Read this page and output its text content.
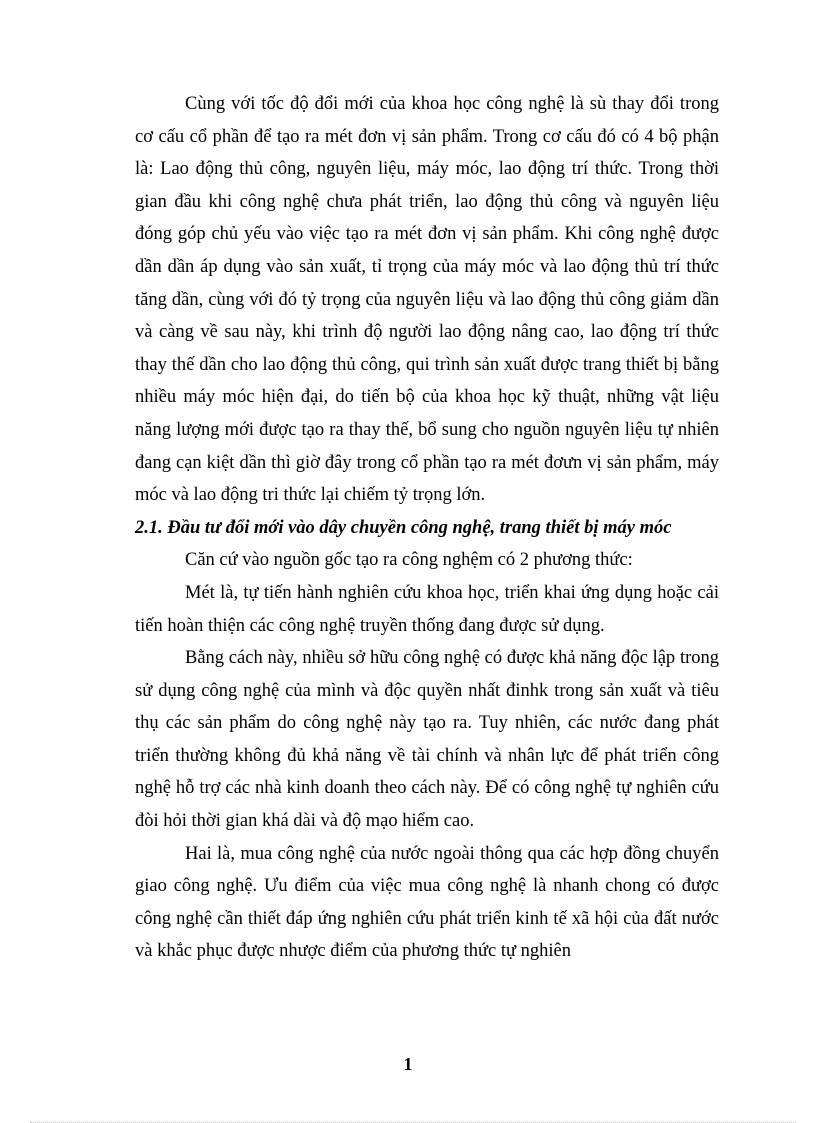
Cùng với tốc độ đổi mới của khoa học công nghệ là sù thay đổi trong cơ cấu cổ phần để tạo ra mét đơn vị sản phẩm. Trong cơ cấu đó có 4 bộ phận là: Lao động thủ công, nguyên liệu, máy móc, lao động trí thức. Trong thời gian đầu khi công nghệ chưa phát triển, lao động thủ công và nguyên liệu đóng góp chủ yếu vào việc tạo ra mét đơn vị sản phẩm. Khi công nghệ được dần dần áp dụng vào sản xuất, tỉ trọng của máy móc và lao động thủ trí thức tăng dần, cùng với đó tỷ trọng của nguyên liệu và lao động thủ công giảm dần và càng về sau này, khi trình độ người lao động nâng cao, lao động trí thức thay thế dần cho lao động thủ công, qui trình sản xuất được trang thiết bị bằng nhiều máy móc hiện đại, do tiến bộ của khoa học kỹ thuật, những vật liệu năng lượng mới được tạo ra thay thế, bổ sung cho nguồn nguyên liệu tự nhiên đang cạn kiệt dần thì giờ đây trong cổ phần tạo ra mét đơưn vị sản phẩm, máy móc và lao động tri thức lại chiếm tỷ trọng lớn.

2.1. Đầu tư đổi mới vào dây chuyền công nghệ, trang thiết bị máy móc

Căn cứ vào nguồn gốc tạo ra công nghệm có 2 phương thức:

Mét là, tự tiến hành nghiên cứu khoa học, triển khai ứng dụng hoặc cải tiến hoàn thiện các công nghệ truyền thống đang được sử dụng.

Bằng cách này, nhiều sở hữu công nghệ có được khả năng độc lập trong sử dụng công nghệ của mình và độc quyền nhất đinhk trong sản xuất và tiêu thụ các sản phẩm do công nghệ này tạo ra. Tuy nhiên, các nước đang phát triển thường không đủ khả năng về tài chính và nhân lực để phát triển công nghệ hỗ trợ các nhà kinh doanh theo cách này. Để có công nghệ tự nghiên cứu đòi hỏi thời gian khá dài và độ mạo hiểm cao.

Hai là, mua công nghệ của nước ngoài thông qua các hợp đồng chuyển giao công nghệ. Ưu điểm của việc mua công nghệ là nhanh chong có được công nghệ cần thiết đáp ứng nghiên cứu phát triển kinh tế xã hội của đất nước và khắc phục được nhược điểm của phương thức tự nghiên

1
